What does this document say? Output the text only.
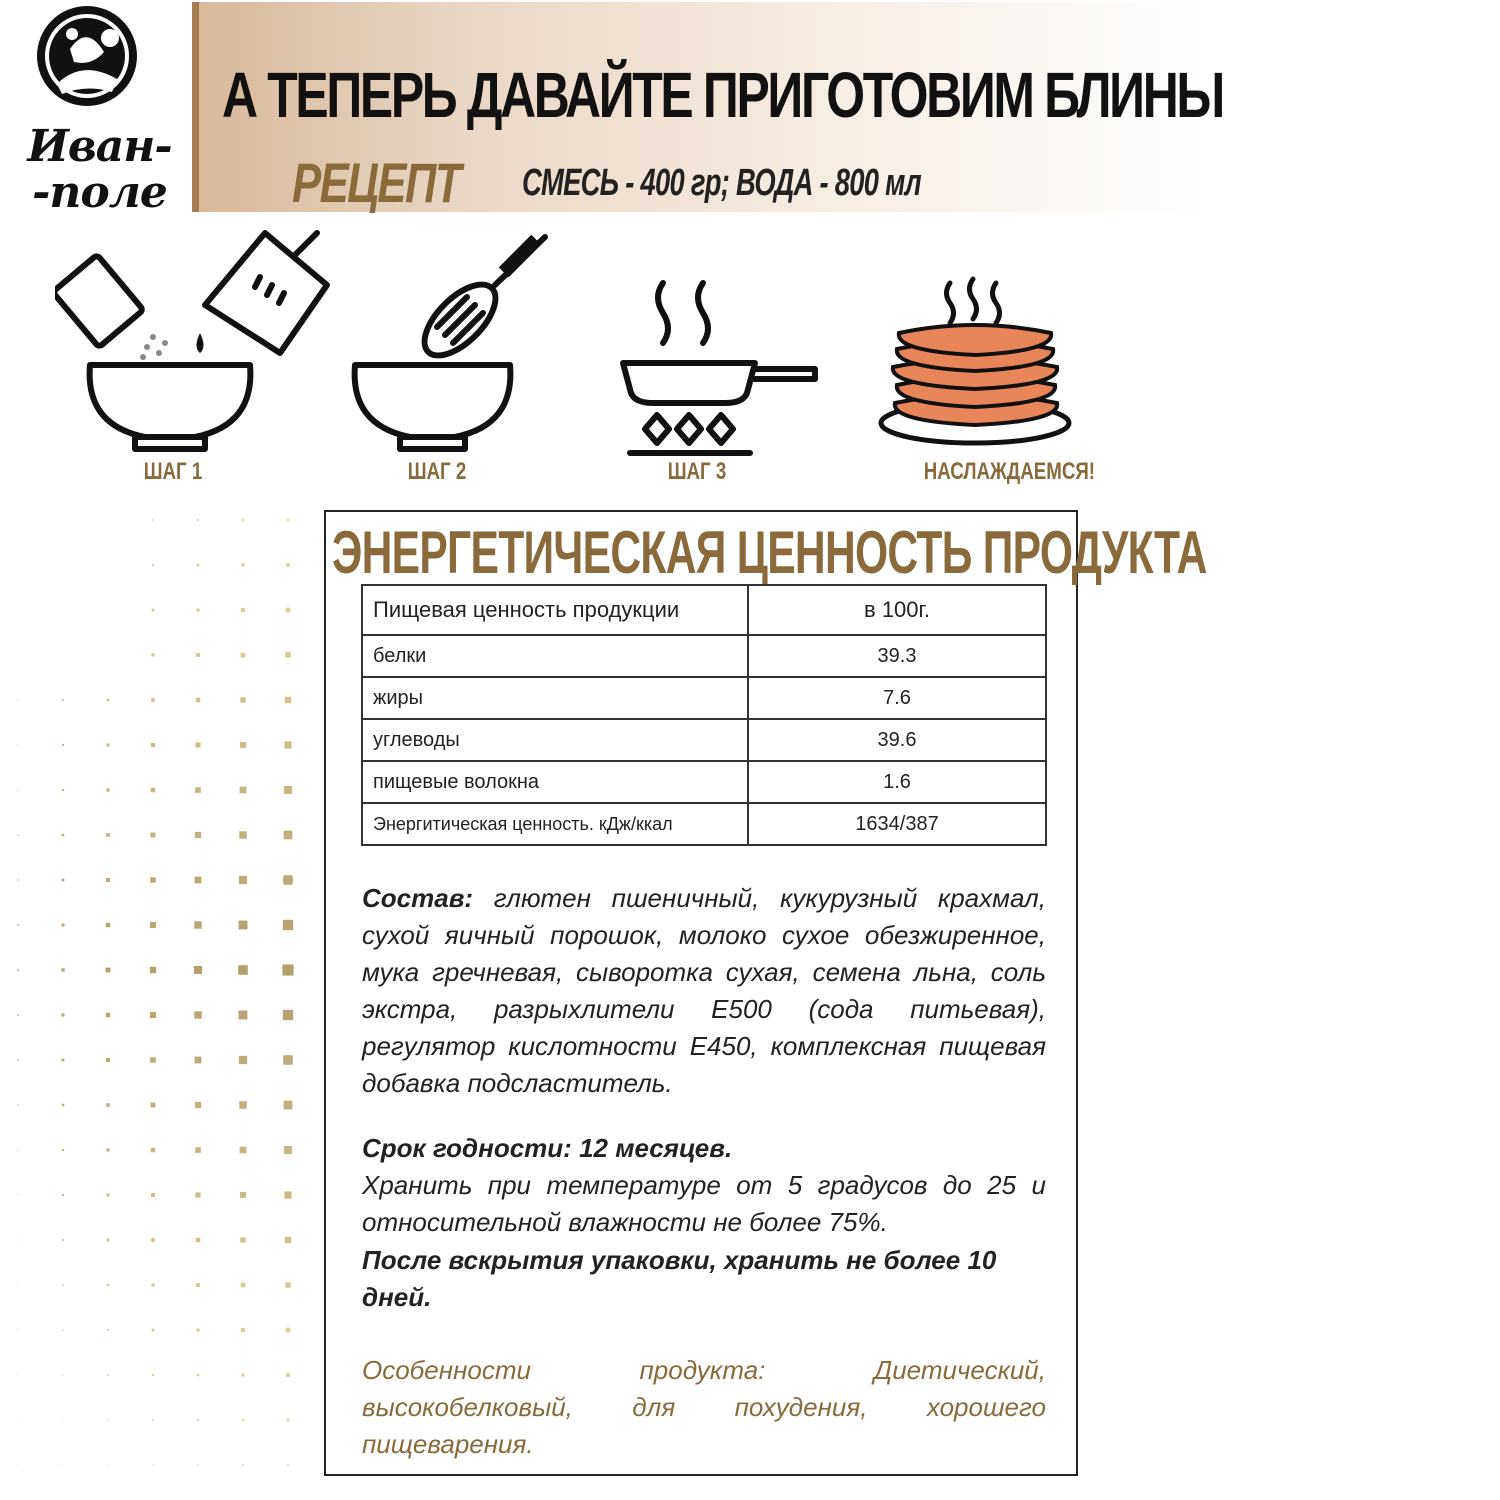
Иван-
-поле
А ТЕПЕРЬ ДАВАЙТЕ ПРИГОТОВИМ БЛИНЫ
РЕЦЕПТ СМЕСЬ - 400 гр; ВОДА - 800 мл
ШАГ 1	ШАГ 2	ШАГ 3	НАСЛАЖДАЕМСЯ!
ЭНЕРГЕТИЧЕСКАЯ ЦЕННОСТЬ ПРОДУКТА
Пищевая ценность продукции	в 100г.
белки	39.3
жиры	7.6
углеводы	39.6
пищевые волокна	1.6
Энергитическая ценность. кДж/ккал	1634/387
Состав: глютен пшеничный, кукурузный крахмал, сухой яичный порошок, молоко сухое обезжиренное, мука гречневая, сыворотка сухая, семена льна, соль экстра, разрыхлители E500 (сода питьевая), регулятор кислотности E450, комплексная пищевая добавка подсластитель.
Срок годности: 12 месяцев.
Хранить при температуре от 5 градусов до 25 и относительной влажности не более 75%.
После вскрытия упаковки, хранить не более 10 дней.
Особенности продукта: Диетический, высокобелковый, для похудения, хорошего пищеварения.
